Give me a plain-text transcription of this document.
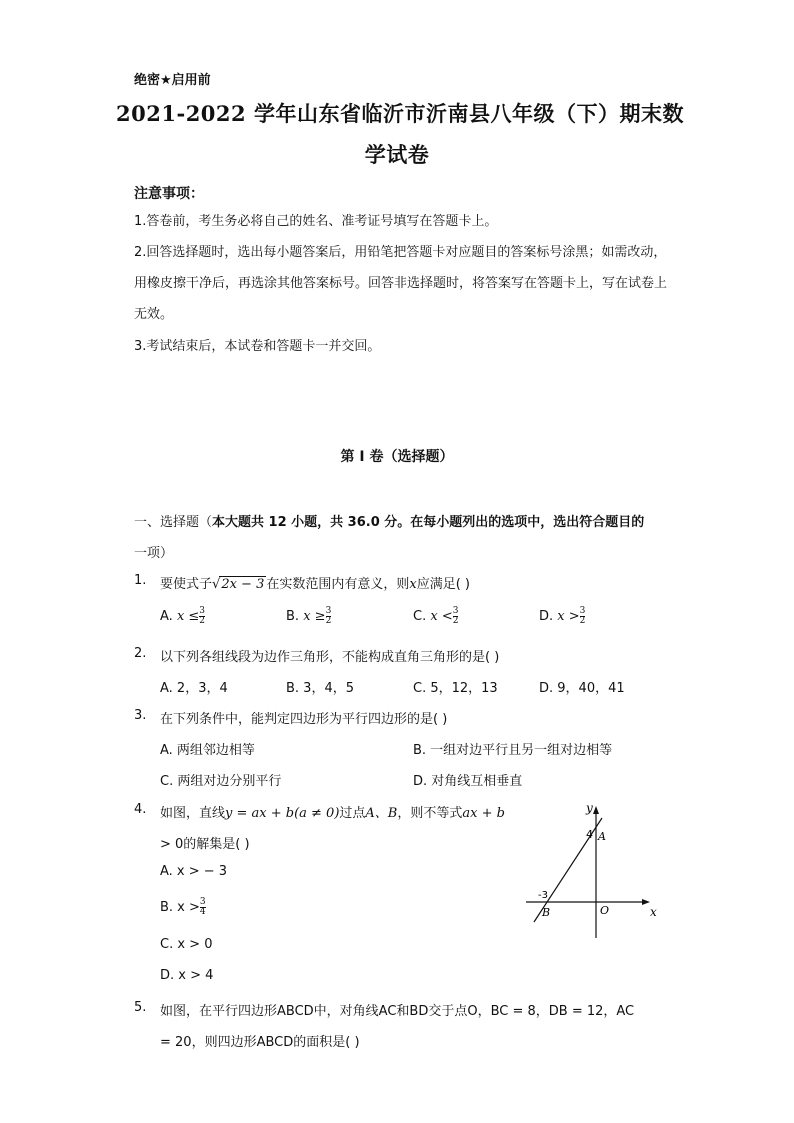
绝密★启用前
2021-2022 学年山东省临沂市沂南县八年级（下）期末数
学试卷
注意事项：
1.答卷前，考生务必将自己的姓名、准考证号填写在答题卡上。
2.回答选择题时，选出每小题答案后，用铅笔把答题卡对应题目的答案标号涂黑；如需改动，用橡皮擦干净后，再选涂其他答案标号。回答非选择题时，将答案写在答题卡上，写在试卷上无效。
3.考试结束后，本试卷和答题卡一并交回。
第 I 卷（选择题）
一、选择题（本大题共 12 小题，共 36.0 分。在每小题列出的选项中，选出符合题目的
一项）
1. 要使式子√2x − 3 在实数范围内有意义，则x应满足( )
A. $x \le \frac{3}{2}$	B. $x \ge \frac{3}{2}$	C. $x < \frac{3}{2}$	D. $x > \frac{3}{2}$
2. 以下列各组线段为边作三角形，不能构成直角三角形的是( )
A. 2，3，4	B. 3，4，5	C. 5，12，13	D. 9，40，41
3. 在下列条件中，能判定四边形为平行四边形的是( )
A. 两组邻边相等	B. 一组对边平行且另一组对边相等
C. 两组对边分别平行	D. 对角线互相垂直
4. 如图，直线y = ax + b(a ≠ 0)过点A、B，则不等式ax + b
> 0的解集是( )
A. x > − 3
B. $x > \frac{3}{4}$
C. x > 0
D. x > 4
y
x
4 A
-3
B	O
5. 如图，在平行四边形ABCD中，对角线AC和BD交于点O，BC = 8，DB = 12，AC
= 20，则四边形ABCD的面积是( )
